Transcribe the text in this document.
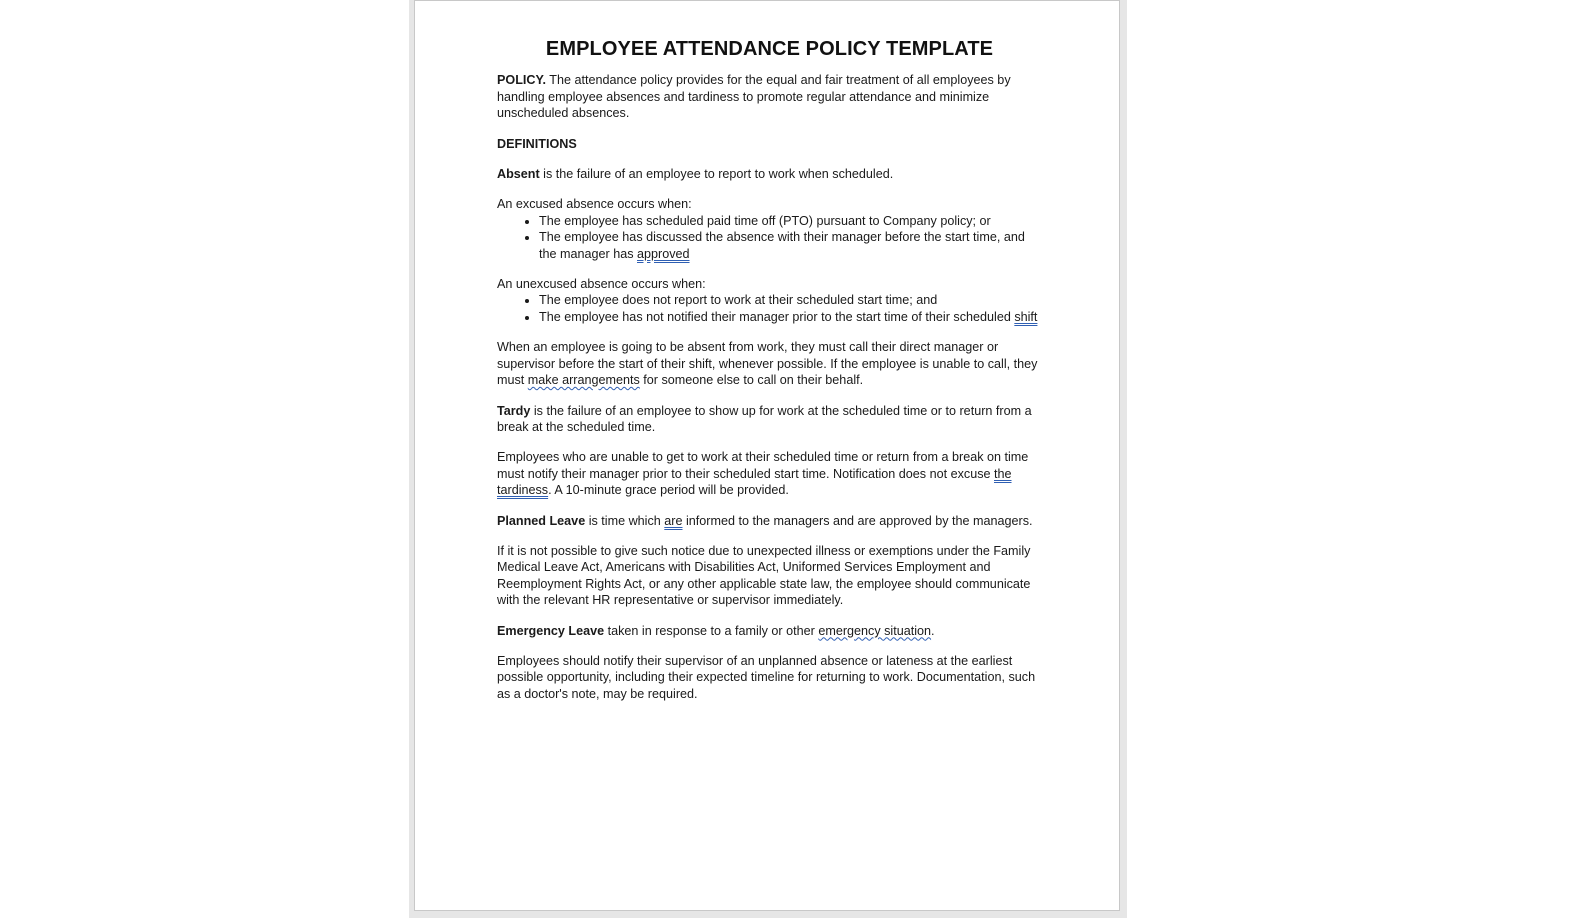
EMPLOYEE ATTENDANCE POLICY TEMPLATE

POLICY. The attendance policy provides for the equal and fair treatment of all employees by handling employee absences and tardiness to promote regular attendance and minimize unscheduled absences.

DEFINITIONS

Absent is the failure of an employee to report to work when scheduled.

An excused absence occurs when:

• The employee has scheduled paid time off (PTO) pursuant to Company policy; or
• The employee has discussed the absence with their manager before the start time, and the manager has approved

An unexcused absence occurs when:

• The employee does not report to work at their scheduled start time; and
• The employee has not notified their manager prior to the start time of their scheduled shift

When an employee is going to be absent from work, they must call their direct manager or supervisor before the start of their shift, whenever possible. If the employee is unable to call, they must make arrangements for someone else to call on their behalf.

Tardy is the failure of an employee to show up for work at the scheduled time or to return from a break at the scheduled time.

Employees who are unable to get to work at their scheduled time or return from a break on time must notify their manager prior to their scheduled start time. Notification does not excuse the tardiness. A 10-minute grace period will be provided.

Planned Leave is time which are informed to the managers and are approved by the managers.

If it is not possible to give such notice due to unexpected illness or exemptions under the Family Medical Leave Act, Americans with Disabilities Act, Uniformed Services Employment and Reemployment Rights Act, or any other applicable state law, the employee should communicate with the relevant HR representative or supervisor immediately.

Emergency Leave taken in response to a family or other emergency situation.

Employees should notify their supervisor of an unplanned absence or lateness at the earliest possible opportunity, including their expected timeline for returning to work. Documentation, such as a doctor's note, may be required.
